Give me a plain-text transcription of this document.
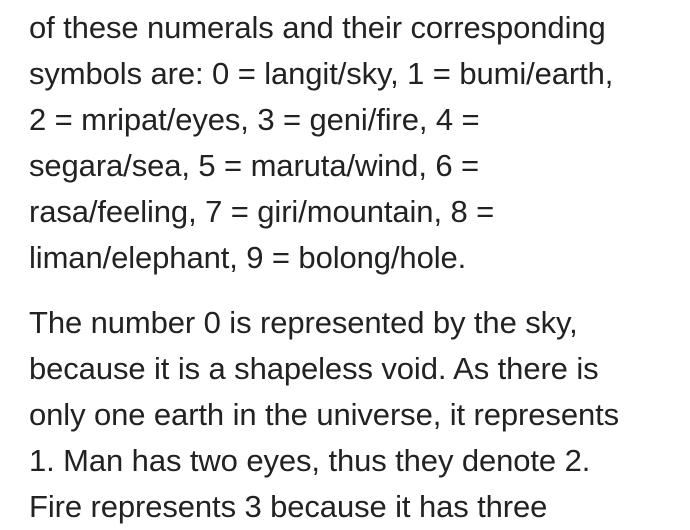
of these numerals and their corresponding
symbols are: 0 = langit/sky, 1 = bumi/earth,
2 = mripat/eyes, 3 = geni/fire, 4 =
segara/sea, 5 = maruta/wind, 6 =
rasa/feeling, 7 = giri/mountain, 8 =
liman/elephant, 9 = bolong/hole.
The number 0 is represented by the sky,
because it is a shapeless void. As there is
only one earth in the universe, it represents
1. Man has two eyes, thus they denote 2.
Fire represents 3 because it has three
